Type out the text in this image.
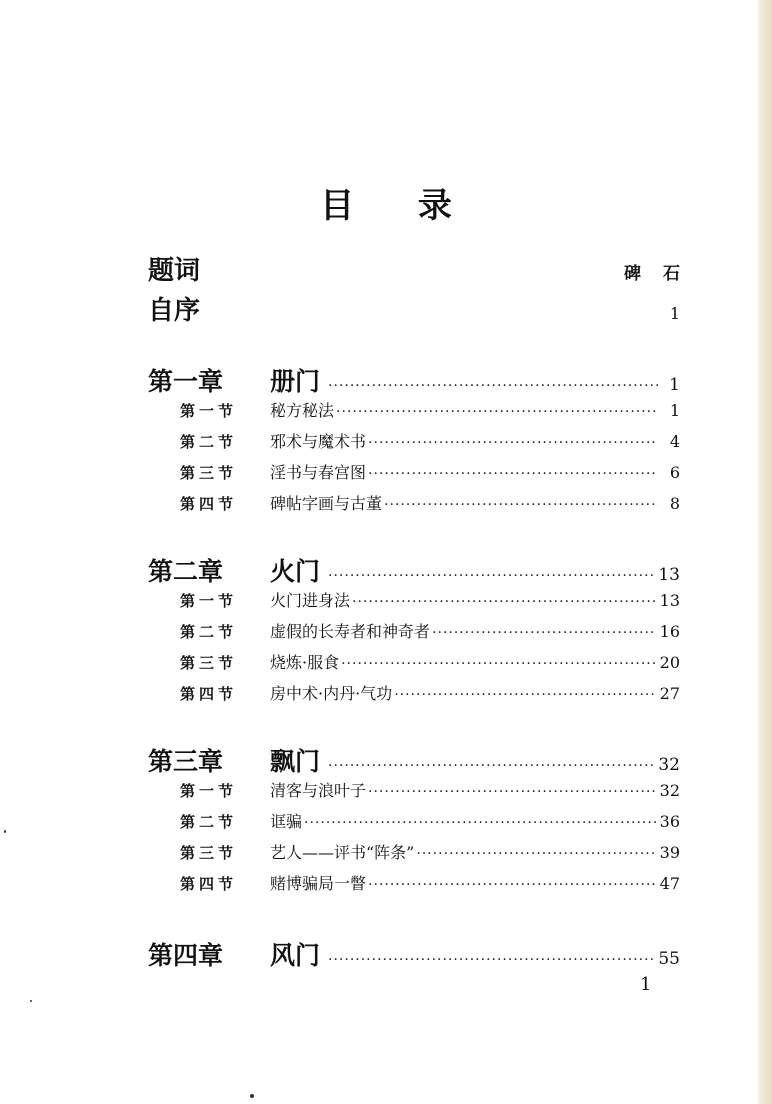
目 录
题词	碑石
自序	1
第一章	册门 ·····	1
第一节	秘方秘法 ·····	1
第二节	邪术与魔术书 ·····	4
第三节	淫书与春宫图 ·····	6
第四节	碑帖字画与古董 ·····	8
第二章	火门 ·····	13
第一节	火门进身法 ·····	13
第二节	虚假的长寿者和神奇者 ·····	16
第三节	烧炼·服食 ·····	20
第四节	房中术·内丹·气功 ·····	27
第三章	飘门 ·····	32
第一节	清客与浪叶子 ·····	32
第二节	诓骗 ·····	36
第三节	艺人——评书“阵条” ·····	39
第四节	赌博骗局一瞥 ·····	47
第四章	风门 ·····	55
1
